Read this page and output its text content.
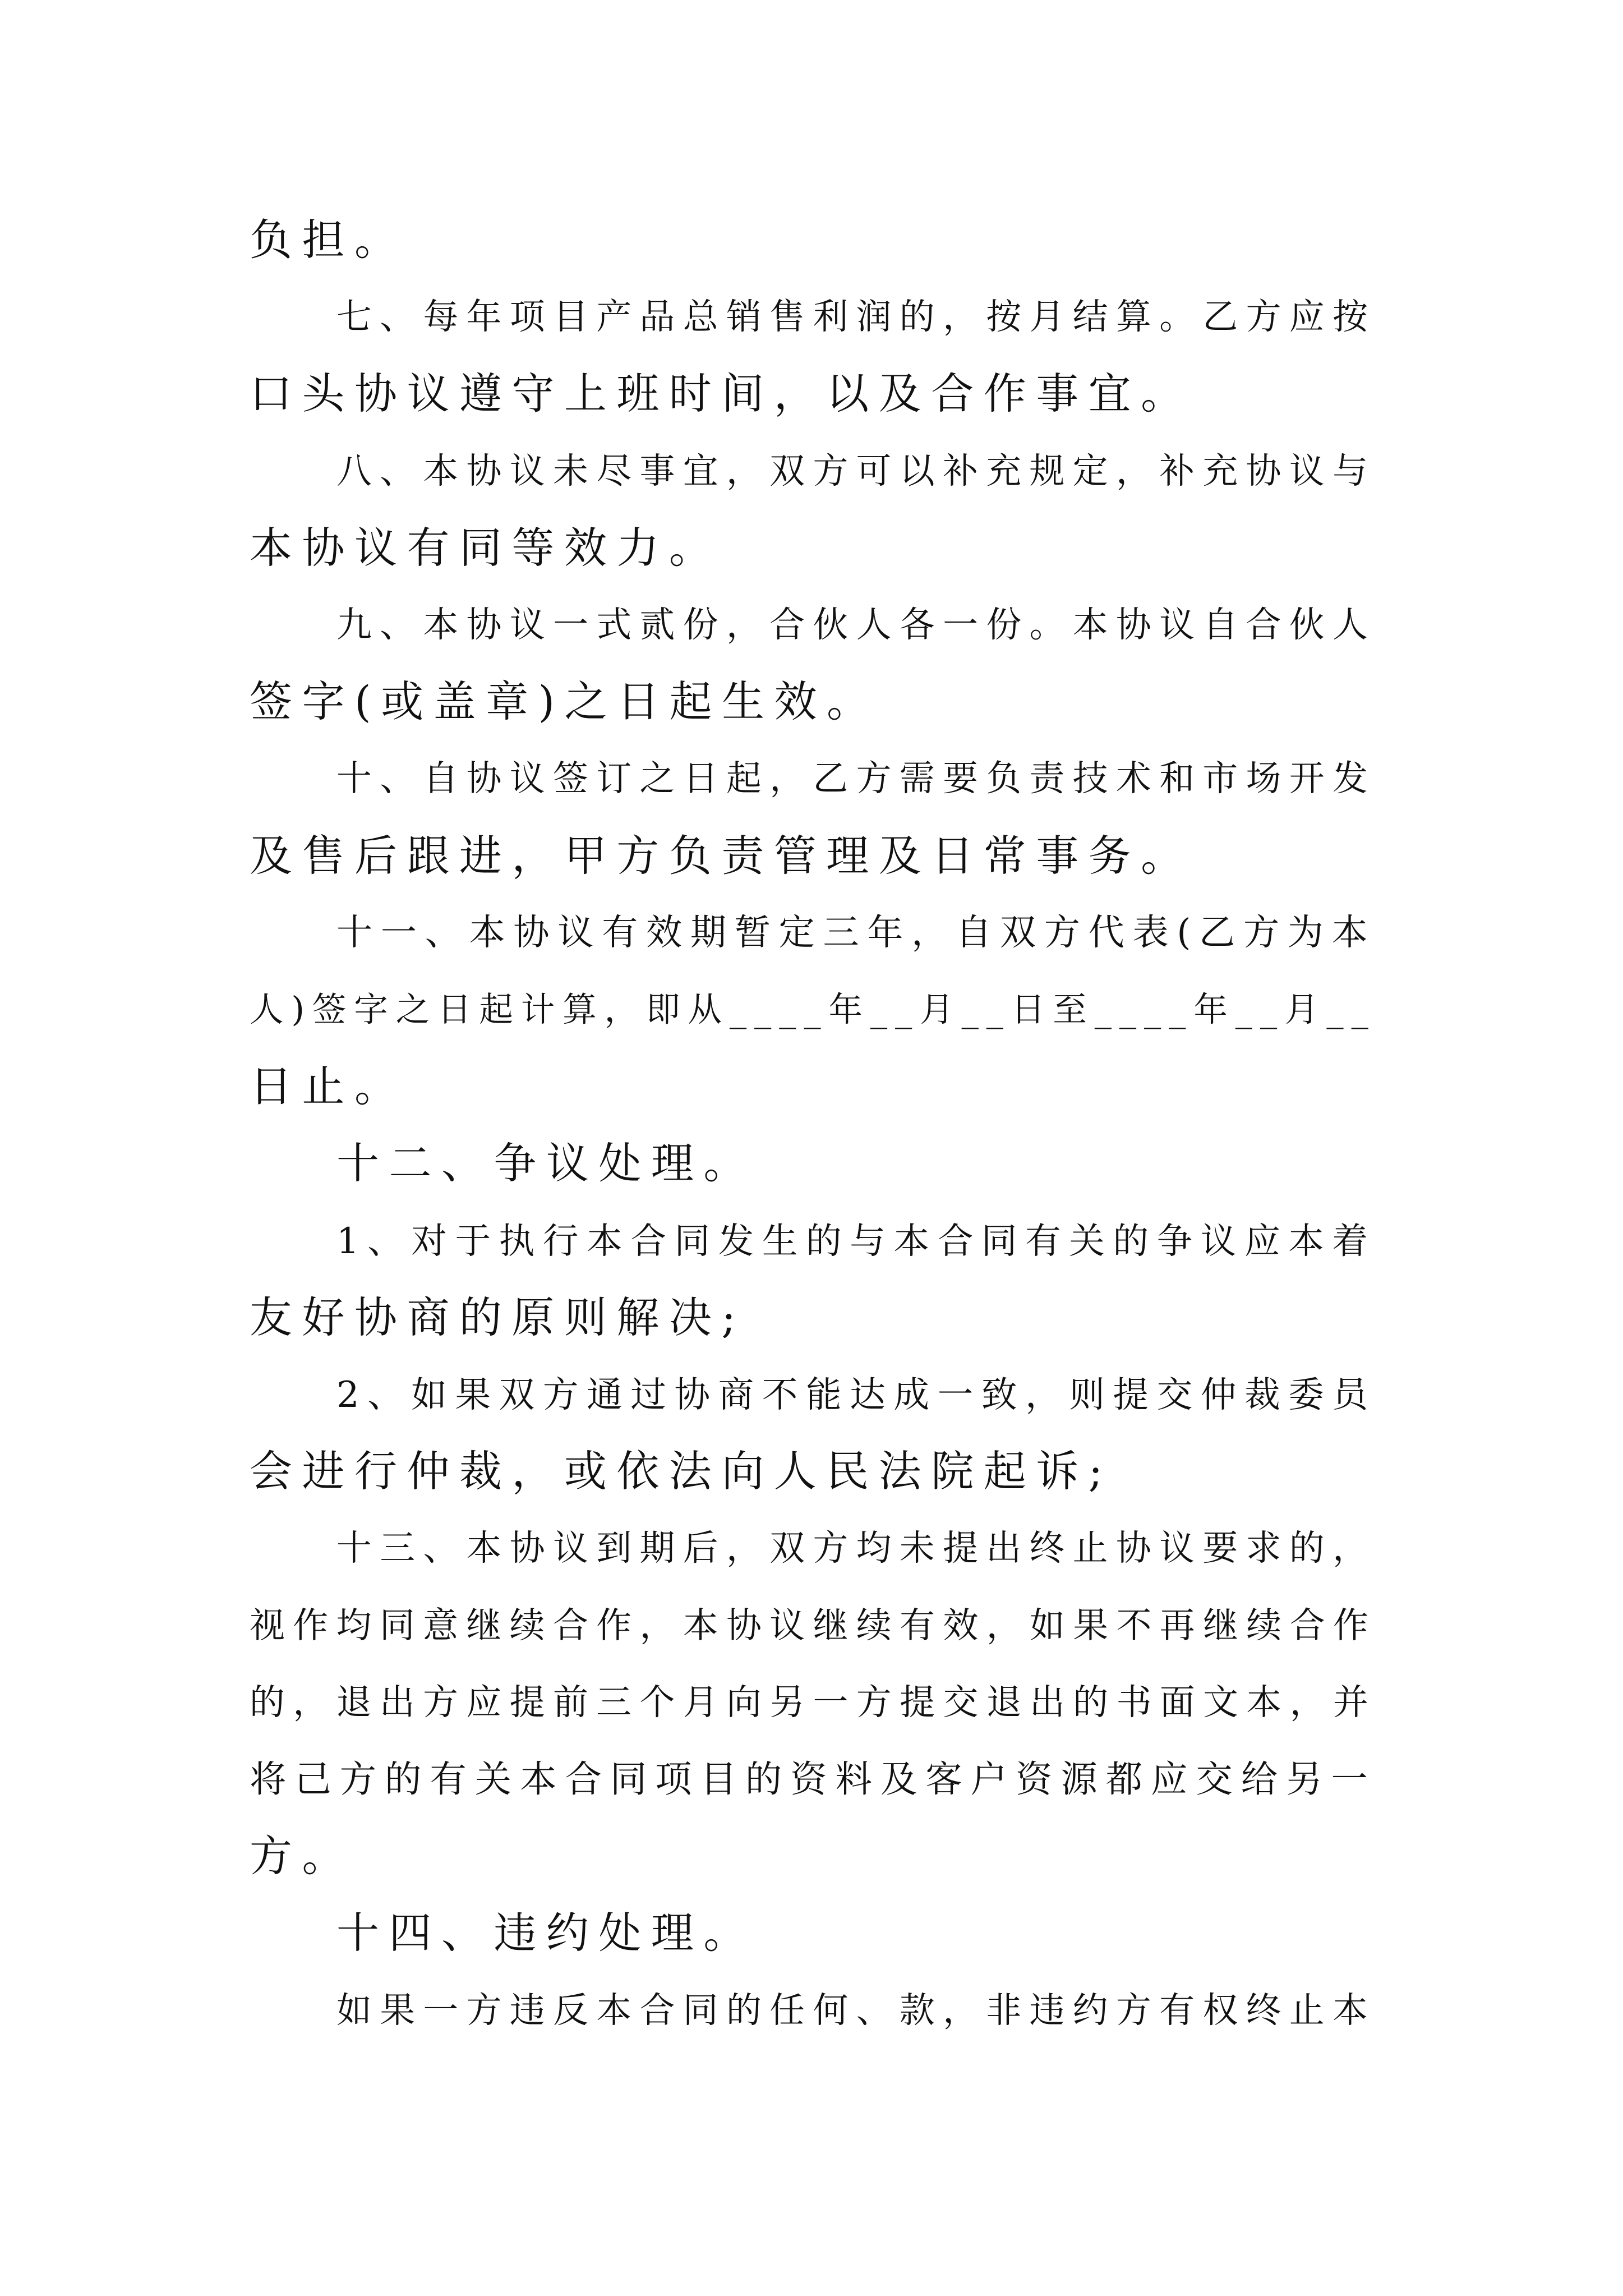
负担。
七、每年项目产品总销售利润的，按月结算。乙方应按
口头协议遵守上班时间，以及合作事宜。
八、本协议未尽事宜，双方可以补充规定，补充协议与
本协议有同等效力。
九、本协议一式贰份，合伙人各一份。本协议自合伙人
签字(或盖章)之日起生效。
十、自协议签订之日起，乙方需要负责技术和市场开发
及售后跟进，甲方负责管理及日常事务。
十一、本协议有效期暂定三年，自双方代表(乙方为本
人)签字之日起计算，即从____年__月__日至____年__月__
日止。
十二、争议处理。
1、对于执行本合同发生的与本合同有关的争议应本着
友好协商的原则解决;
2、如果双方通过协商不能达成一致，则提交仲裁委员
会进行仲裁，或依法向人民法院起诉;
十三、本协议到期后，双方均未提出终止协议要求的，
视作均同意继续合作，本协议继续有效，如果不再继续合作
的，退出方应提前三个月向另一方提交退出的书面文本，并
将己方的有关本合同项目的资料及客户资源都应交给另一
方。
十四、违约处理。
如果一方违反本合同的任何、款，非违约方有权终止本
